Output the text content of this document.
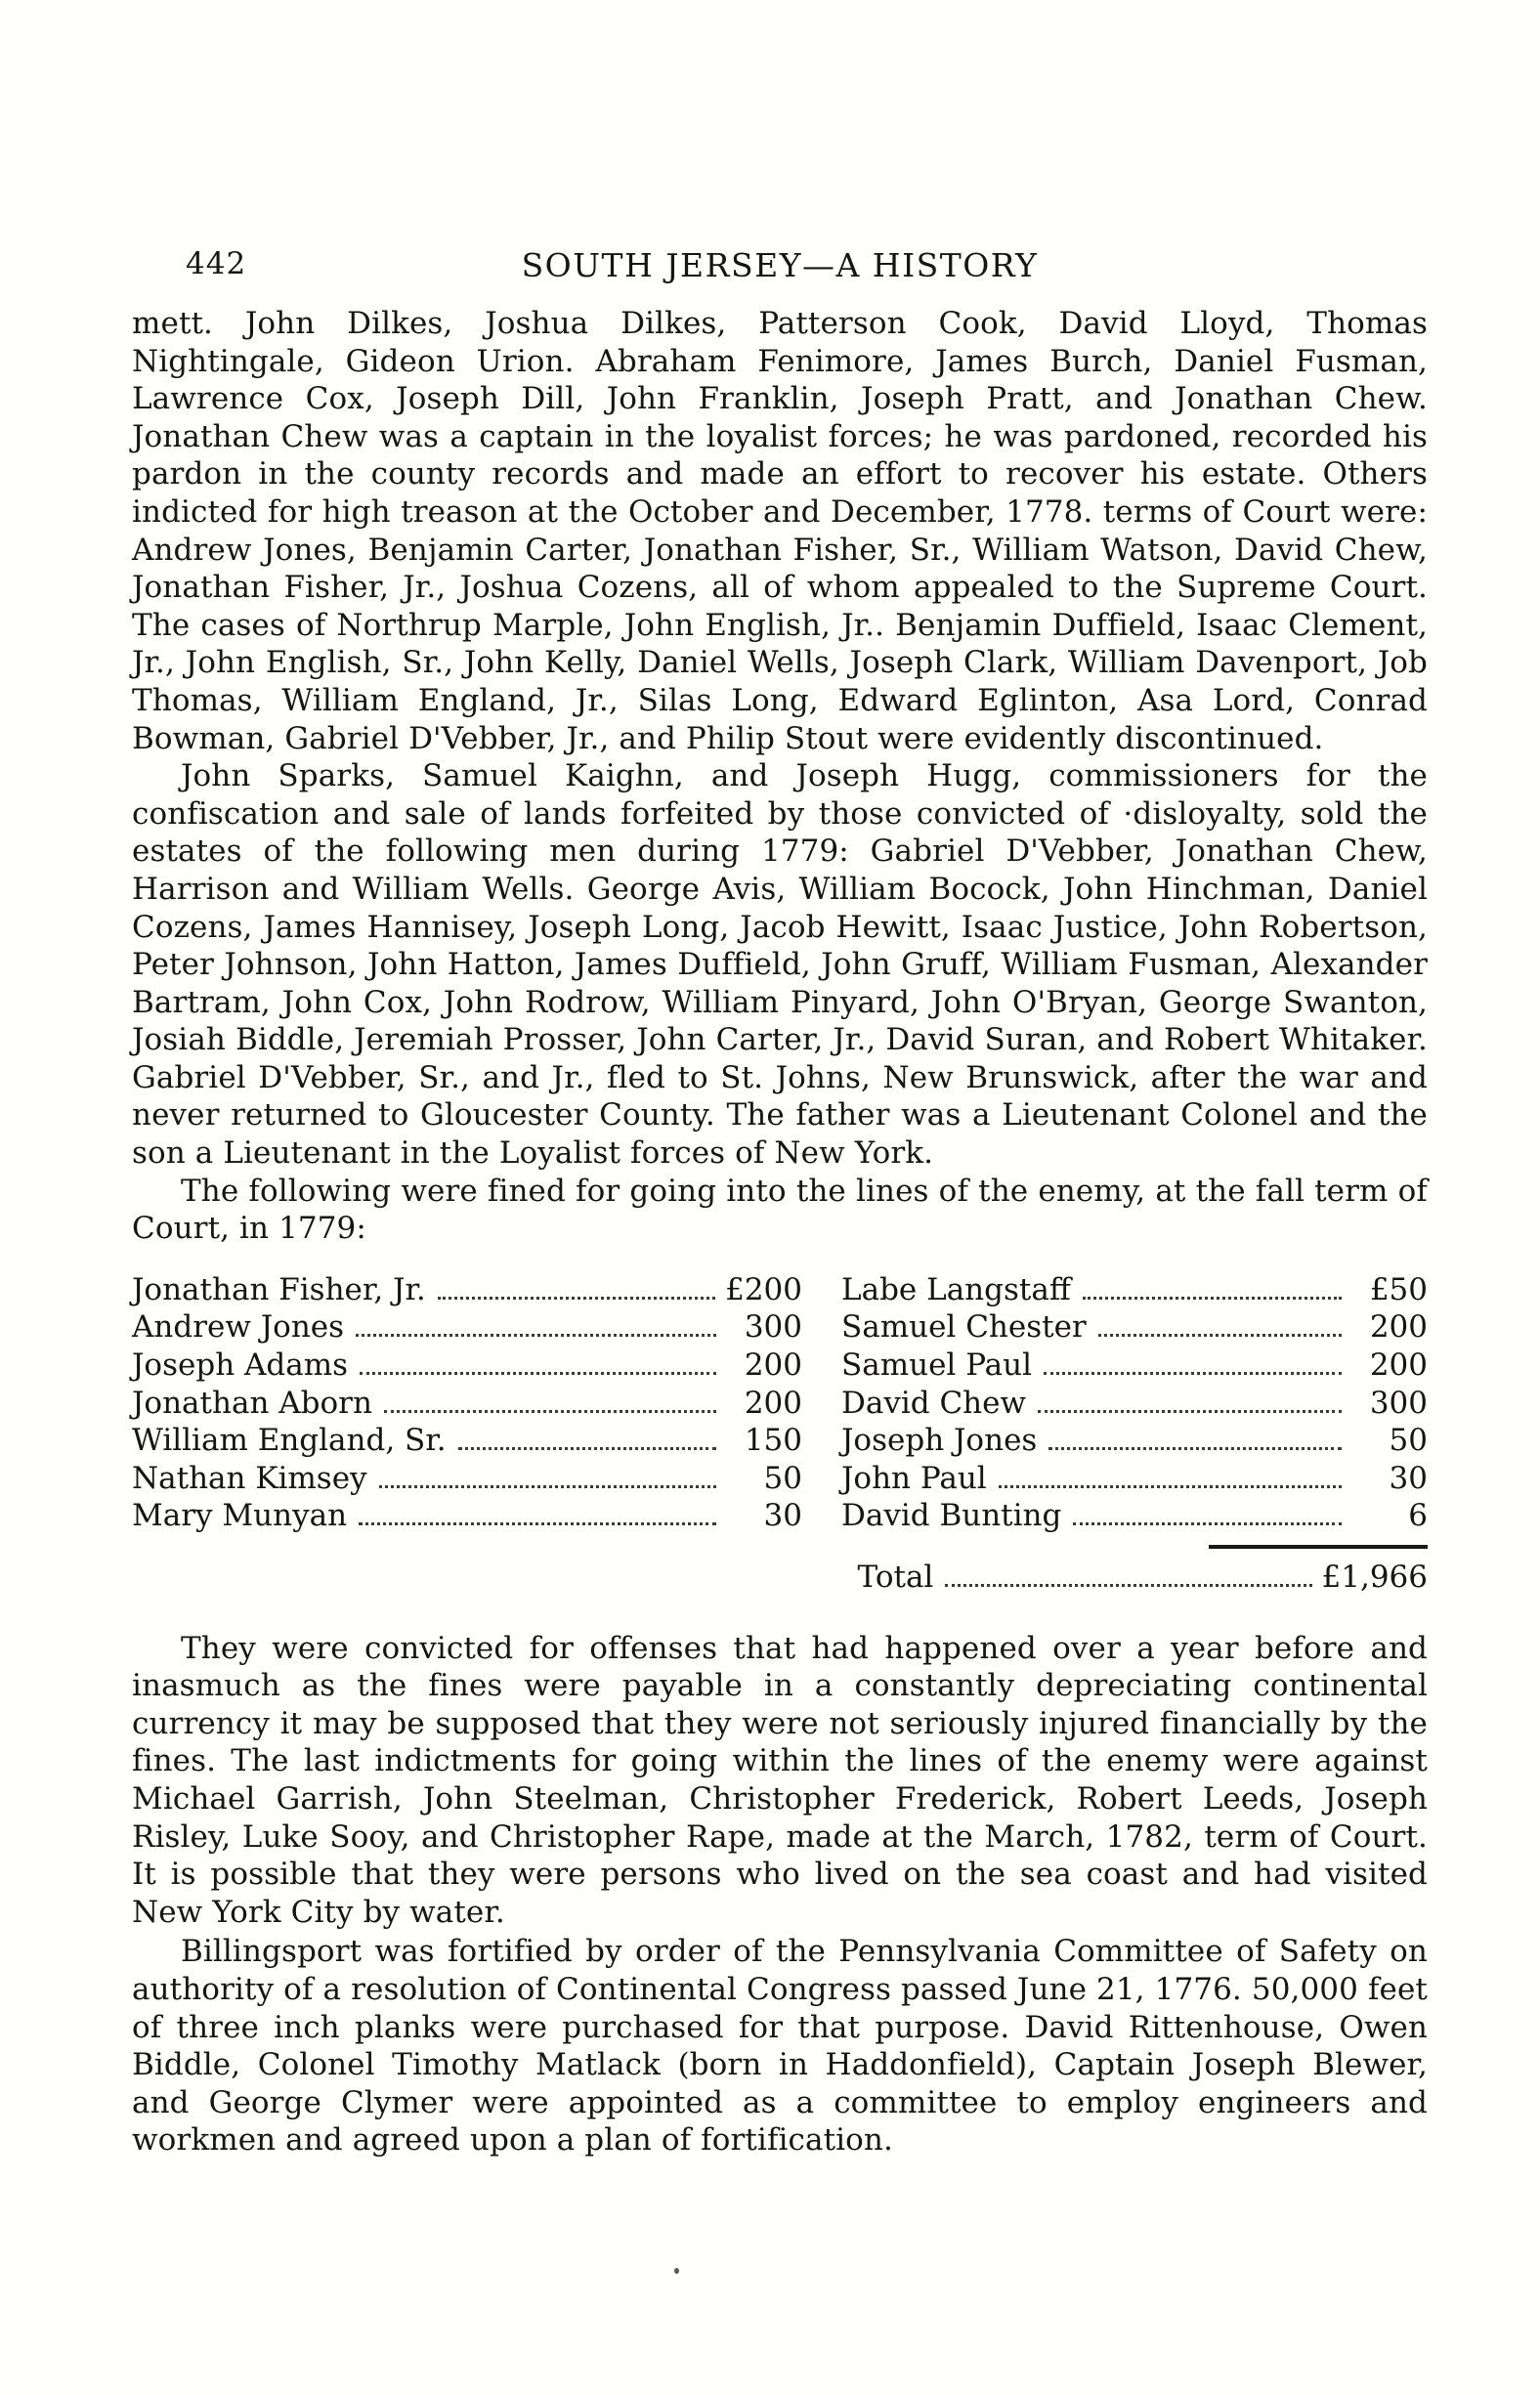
442	SOUTH JERSEY—A HISTORY

mett. John Dilkes, Joshua Dilkes, Patterson Cook, David Lloyd, Thomas Nightingale, Gideon Urion. Abraham Fenimore, James Burch, Daniel Fusman, Lawrence Cox, Joseph Dill, John Franklin, Joseph Pratt, and Jonathan Chew. Jonathan Chew was a captain in the loyalist forces; he was pardoned, recorded his pardon in the county records and made an effort to recover his estate. Others indicted for high treason at the October and December, 1778. terms of Court were: Andrew Jones, Benjamin Carter, Jonathan Fisher, Sr., William Watson, David Chew, Jonathan Fisher, Jr., Joshua Cozens, all of whom appealed to the Supreme Court. The cases of Northrup Marple, John English, Jr.. Benjamin Duffield, Isaac Clement, Jr., John English, Sr., John Kelly, Daniel Wells, Joseph Clark, William Davenport, Job Thomas, William England, Jr., Silas Long, Edward Eglinton, Asa Lord, Conrad Bowman, Gabriel D'Vebber, Jr., and Philip Stout were evidently discontinued.

John Sparks, Samuel Kaighn, and Joseph Hugg, commissioners for the confiscation and sale of lands forfeited by those convicted of ·disloyalty, sold the estates of the following men during 1779: Gabriel D'Vebber, Jonathan Chew, Harrison and William Wells. George Avis, William Bocock, John Hinchman, Daniel Cozens, James Hannisey, Joseph Long, Jacob Hewitt, Isaac Justice, John Robertson, Peter Johnson, John Hatton, James Duffield, John Gruff, William Fusman, Alexander Bartram, John Cox, John Rodrow, William Pinyard, John O'Bryan, George Swanton, Josiah Biddle, Jeremiah Prosser, John Carter, Jr., David Suran, and Robert Whitaker. Gabriel D'Vebber, Sr., and Jr., fled to St. Johns, New Brunswick, after the war and never returned to Gloucester County. The father was a Lieutenant Colonel and the son a Lieutenant in the Loyalist forces of New York.

The following were fined for going into the lines of the enemy, at the fall term of Court, in 1779:

Jonathan Fisher, Jr.	£200
Andrew Jones	300
Joseph Adams	200
Jonathan Aborn	200
William England, Sr.	150
Nathan Kimsey	50
Mary Munyan	30
Labe Langstaff	£50
Samuel Chester	200
Samuel Paul	200
David Chew	300
Joseph Jones	50
John Paul	30
David Bunting	6
Total	£1,966

They were convicted for offenses that had happened over a year before and inasmuch as the fines were payable in a constantly depreciating continental currency it may be supposed that they were not seriously injured financially by the fines. The last indictments for going within the lines of the enemy were against Michael Garrish, John Steelman, Christopher Frederick, Robert Leeds, Joseph Risley, Luke Sooy, and Christopher Rape, made at the March, 1782, term of Court. It is possible that they were persons who lived on the sea coast and had visited New York City by water.

Billingsport was fortified by order of the Pennsylvania Committee of Safety on authority of a resolution of Continental Congress passed June 21, 1776. 50,000 feet of three inch planks were purchased for that purpose. David Rittenhouse, Owen Biddle, Colonel Timothy Matlack (born in Haddonfield), Captain Joseph Blewer, and George Clymer were appointed as a committee to employ engineers and workmen and agreed upon a plan of fortification.
